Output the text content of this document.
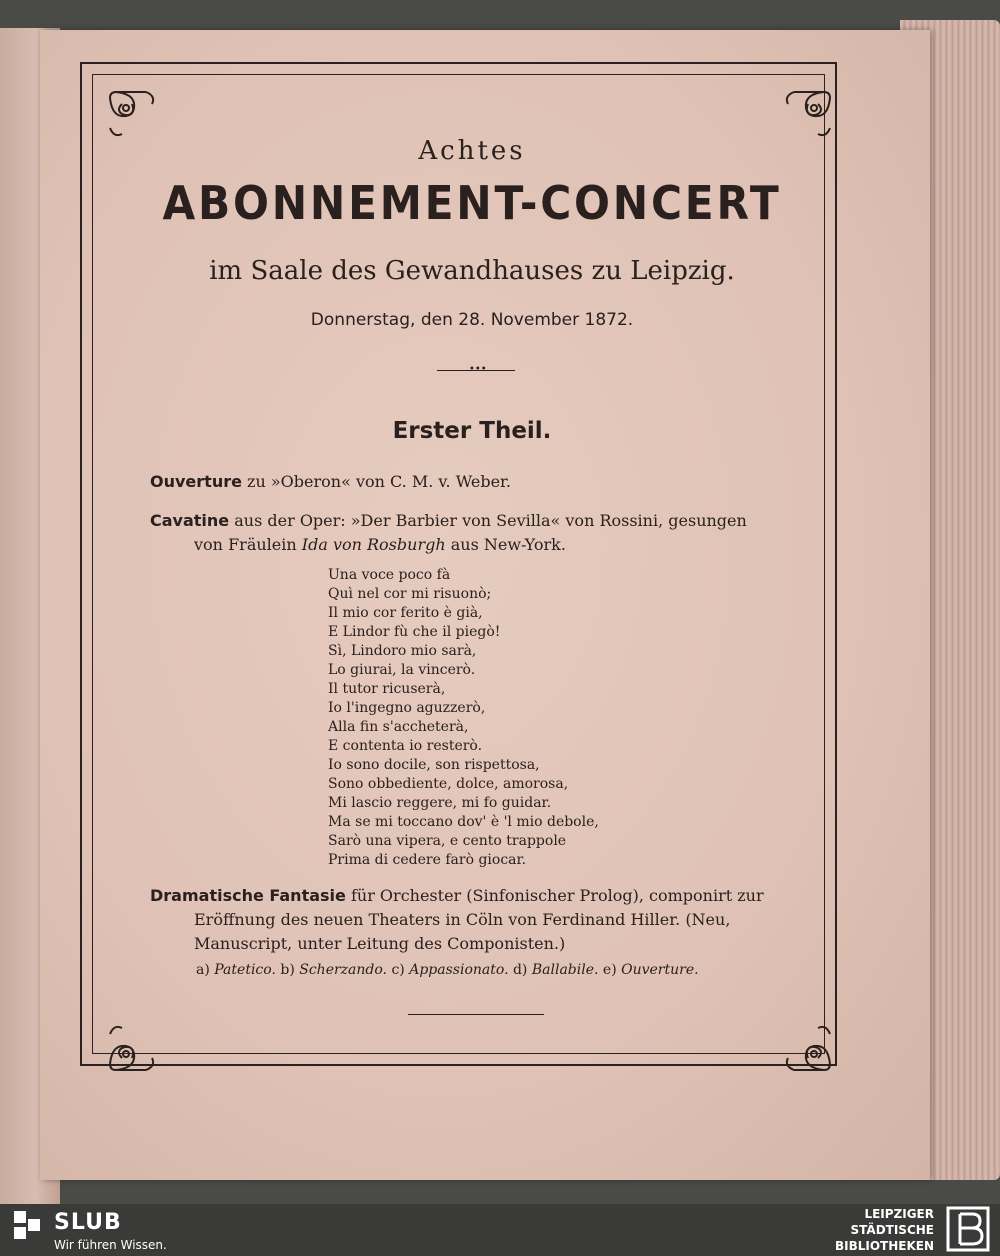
Achtes
ABONNEMENT-CONCERT
im Saale des Gewandhauses zu Leipzig.
Donnerstag, den 28. November 1872.
•••
Erster Theil.
Ouverture zu »Oberon« von C. M. v. Weber.
Cavatine aus der Oper: »Der Barbier von Sevilla« von Rossini, gesungen
von Fräulein Ida von Rosburgh aus New-York.
Una voce poco fà
Quì nel cor mi risuonò;
Il mio cor ferito è già,
E Lindor fù che il piegò!
Sì, Lindoro mio sarà,
Lo giurai, la vincerò.
Il tutor ricuserà,
Io l'ingegno aguzzerò,
Alla fin s'accheterà,
E contenta io resterò.
Io sono docile, son rispettosa,
Sono obbediente, dolce, amorosa,
Mi lascio reggere, mi fo guidar.
Ma se mi toccano dov' è 'l mio debole,
Sarò una vipera, e cento trappole
Prima di cedere farò giocar.
Dramatische Fantasie für Orchester (Sinfonischer Prolog), componirt zur
Eröffnung des neuen Theaters in Cöln von Ferdinand Hiller. (Neu,
Manuscript, unter Leitung des Componisten.)
a) Patetico. b) Scherzando. c) Appassionato. d) Ballabile. e) Ouverture.
SLUB
Wir führen Wissen.
LEIPZIGER
STÄDTISCHE
BIBLIOTHEKEN
